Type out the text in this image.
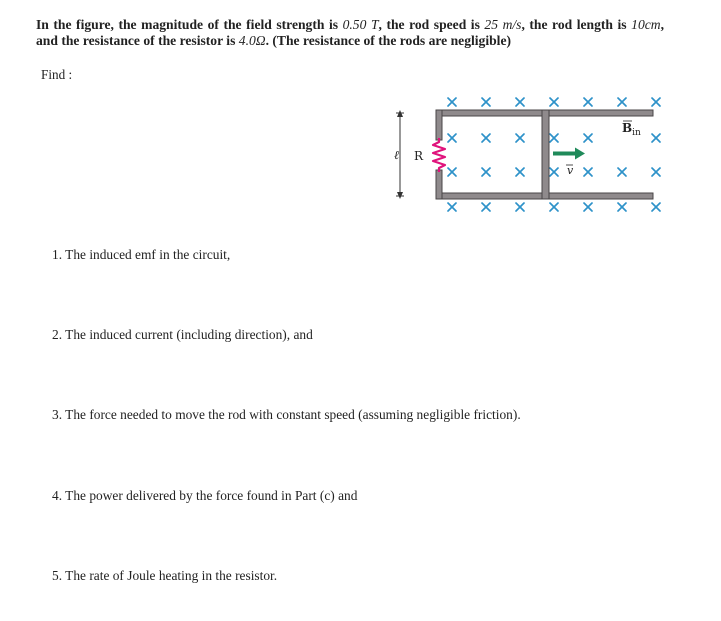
In the figure, the magnitude of the field strength is 0.50 T, the rod speed is 25 m/s, the rod length is 10cm, and the resistance of the resistor is 4.0Ω. (The resistance of the rods are negligible)
Find :
v
$B_{in}$
ℓ R
1. The induced emf in the circuit,
2. The induced current (including direction), and
3. The force needed to move the rod with constant speed (assuming negligible friction).
4. The power delivered by the force found in Part (c) and
5. The rate of Joule heating in the resistor.
